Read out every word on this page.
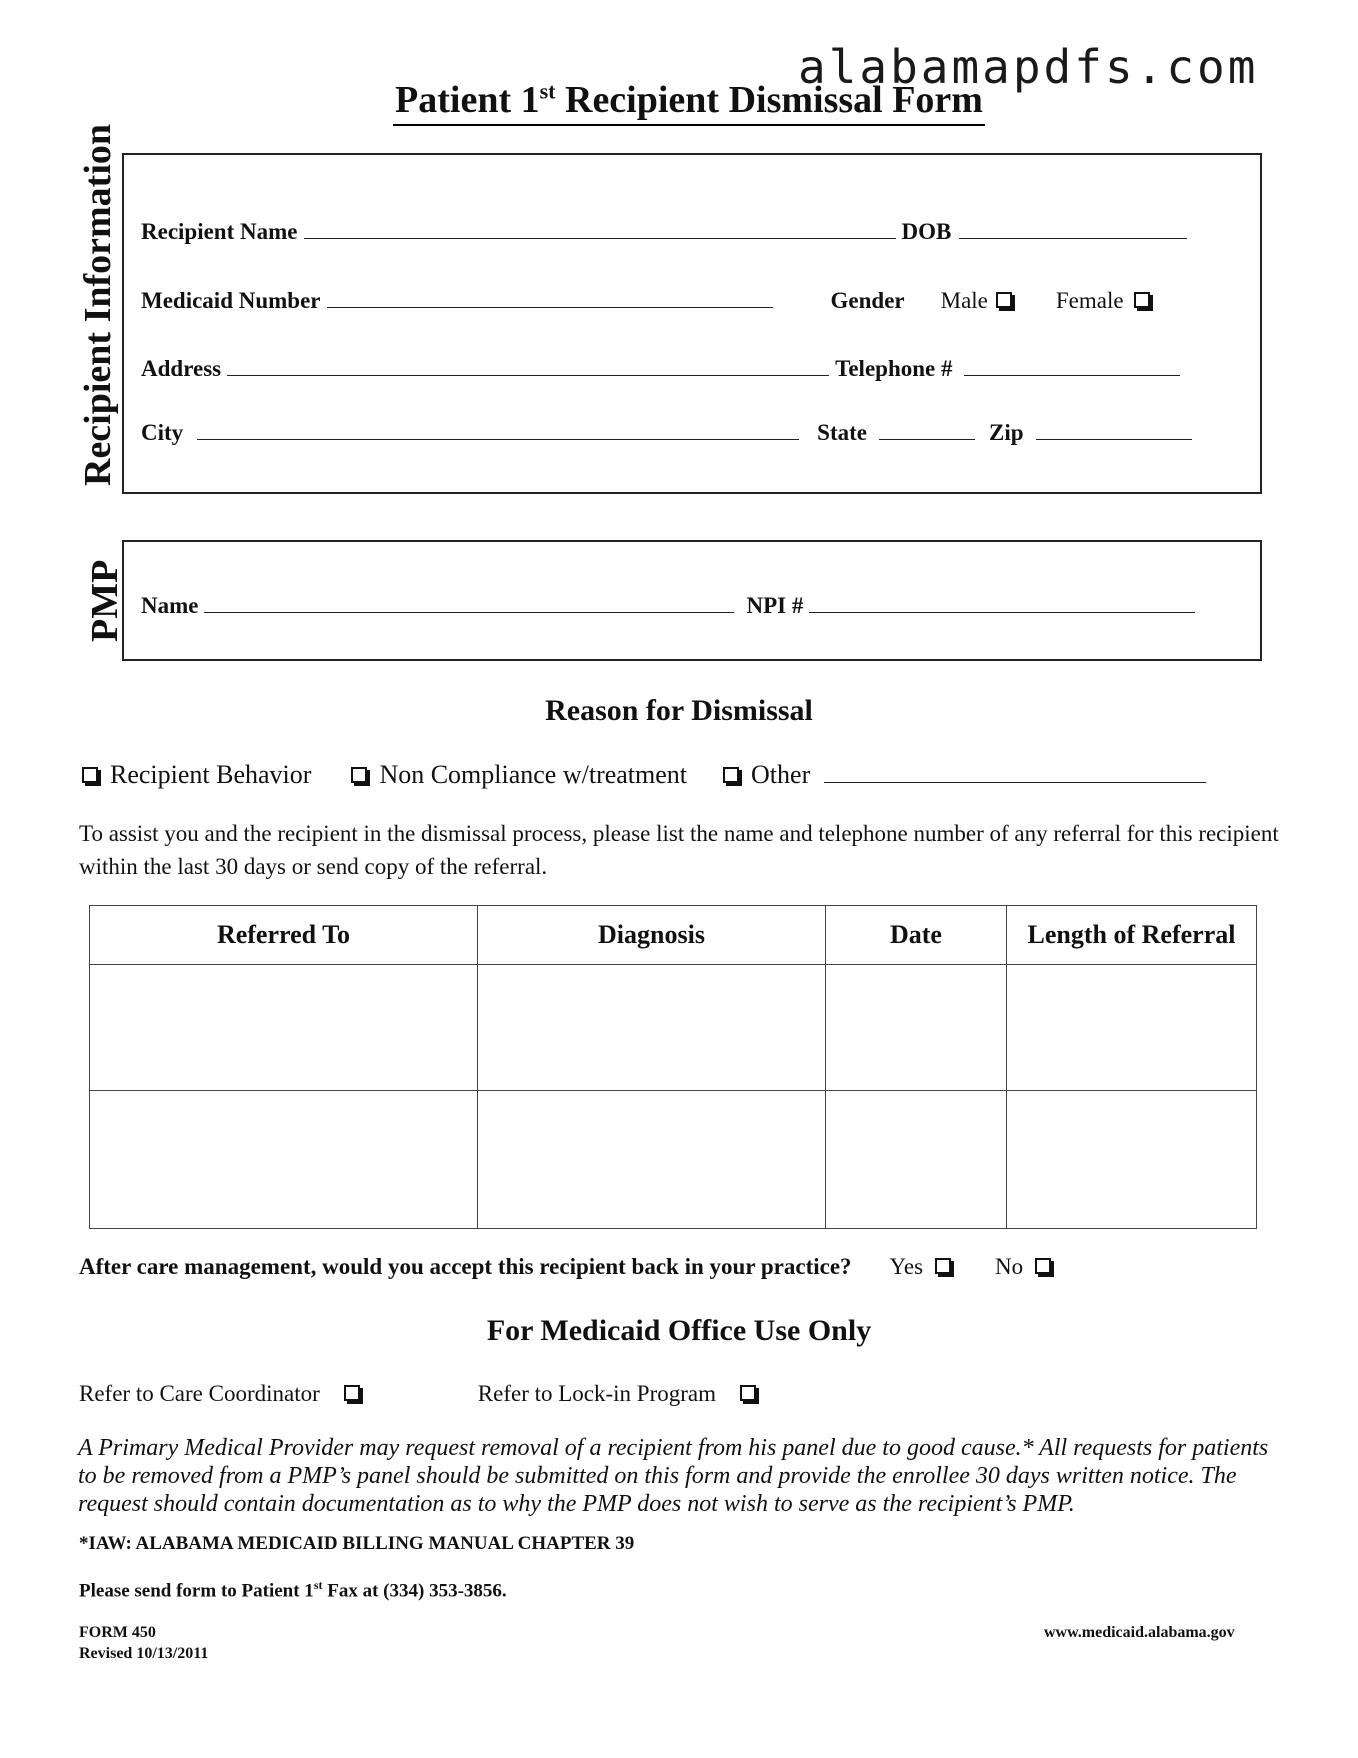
alabamapdfs.com
Patient 1st Recipient Dismissal Form
Recipient Information Recipient Name	DOB
Medicaid Number	Gender Male	Female
Address	Telephone #
City	State	Zip
PMP Name	NPI #
Reason for Dismissal
Recipient Behavior	Non Compliance w/treatment Other
To assist you and the recipient in the dismissal process, please list the name and telephone number of any referral for this recipient within the last 30 days or send copy of the referral.
Referred To	Diagnosis	Date	Length of Referral

After care management, would you accept this recipient back in your practice? Yes	No
For Medicaid Office Use Only
Refer to Care Coordinator	Refer to Lock-in Program
A Primary Medical Provider may request removal of a recipient from his panel due to good cause.* All requests for patients to be removed from a PMP’s panel should be submitted on this form and provide the enrollee 30 days written notice. The request should contain documentation as to why the PMP does not wish to serve as the recipient’s PMP.
*IAW: ALABAMA MEDICAID BILLING MANUAL CHAPTER 39
Please send form to Patient 1st Fax at (334) 353-3856.
FORM 450
Revised 10/13/2011
www.medicaid.alabama.gov
